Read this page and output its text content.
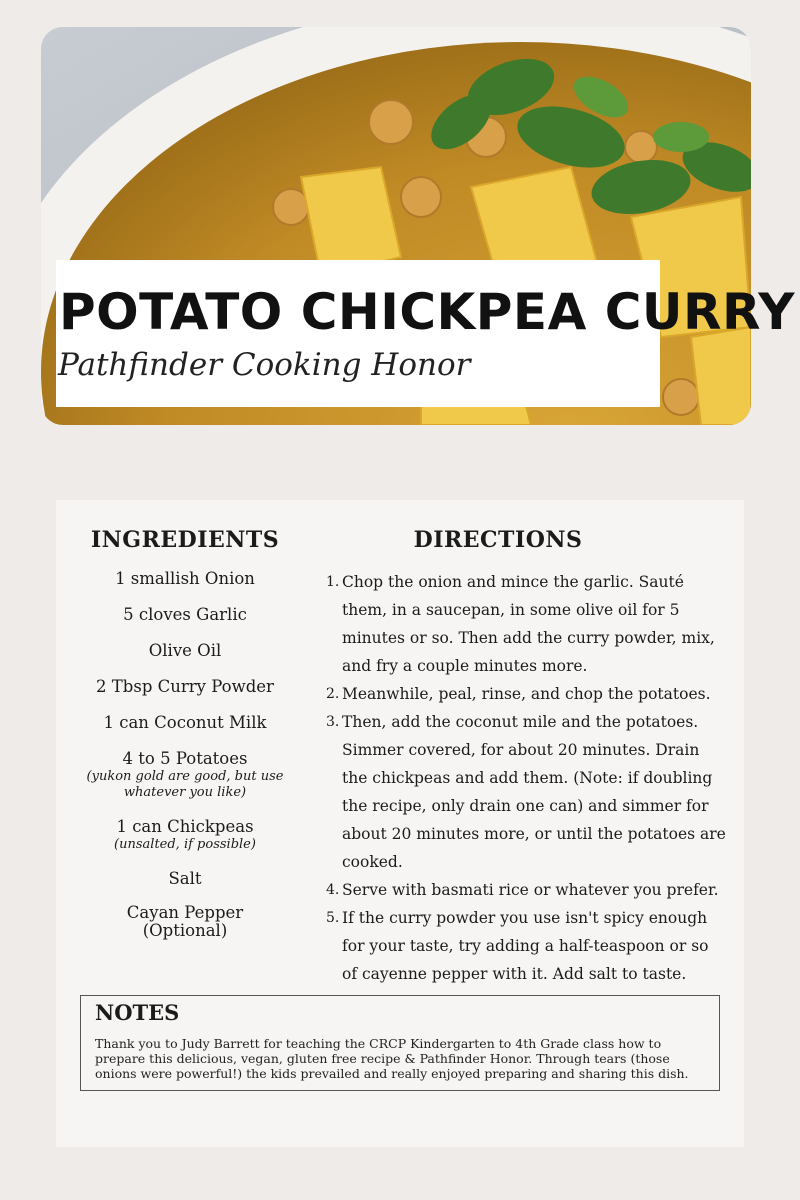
POTATO CHICKPEA CURRY

Pathfinder Cooking Honor

INGREDIENTS
1 smallish Onion
5 cloves Garlic
Olive Oil
2 Tbsp Curry Powder
1 can Coconut Milk
4 to 5 Potatoes
(yukon gold are good, but use whatever you like)
1 can Chickpeas
(unsalted, if possible)
Salt
Cayan Pepper (Optional)
DIRECTIONS
Chop the onion and mince the garlic. Sauté them, in a saucepan, in some olive oil for 5 minutes or so. Then add the curry powder, mix, and fry a couple minutes more.
Meanwhile, peal, rinse, and chop the potatoes.
Then, add the coconut mile and the potatoes. Simmer covered, for about 20 minutes. Drain the chickpeas and add them. (Note: if doubling the recipe, only drain one can) and simmer for about 20 minutes more, or until the potatoes are cooked.
Serve with basmati rice or whatever you prefer.
If the curry powder you use isn't spicy enough for your taste, try adding a half-teaspoon or so of cayenne pepper with it. Add salt to taste.
NOTES

Thank you to Judy Barrett for teaching the CRCP Kindergarten to 4th Grade class how to prepare this delicious, vegan, gluten free recipe & Pathfinder Honor. Through tears (those onions were powerful!) the kids prevailed and really enjoyed preparing and sharing this dish.
